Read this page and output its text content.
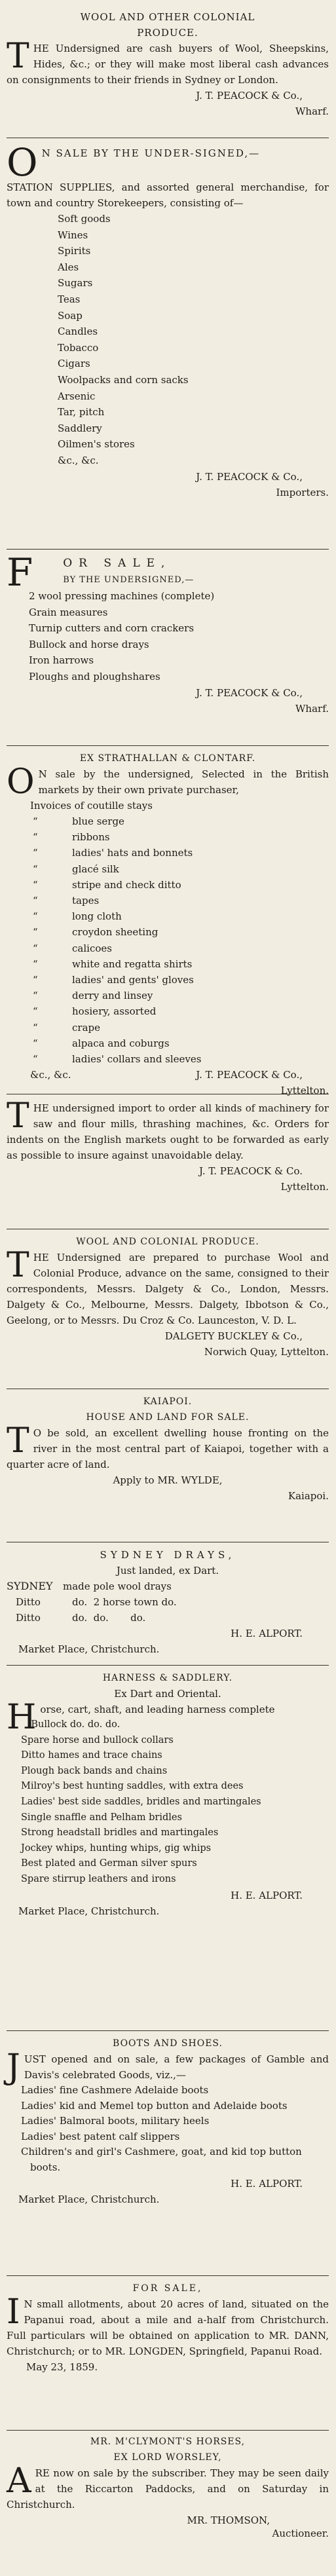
WOOL AND OTHER COLONIAL
PRODUCE.

THE Undersigned are cash buyers of Wool, Sheepskins, Hides, &c.; or they will make most liberal cash advances on consignments to their friends in Sydney or London.

J. T. PEACOCK & Co.,
Wharf.
O N SALE BY THE UNDER-SIGNED,—

STATION SUPPLIES, and assorted general merchandise, for town and country Storekeepers, consisting of—

Soft goods
Wines
Spirits
Ales
Sugars
Teas
Soap
Candles
Tobacco
Cigars
Woolpacks and corn sacks
Arsenic
Tar, pitch
Saddlery
Oilmen's stores
&c., &c.
J. T. PEACOCK & Co.,
Importers.
F	OR SALE,
BY THE UNDERSIGNED,—
2 wool pressing machines (complete)
Grain measures
Turnip cutters and corn crackers
Bullock and horse drays
Iron harrows
Ploughs and ploughshares
J. T. PEACOCK & Co.,
Wharf.
EX STRATHALLAN & CLONTARF.

O N sale by the undersigned, Selected in the British markets by their own private purchaser,

Invoices of coutille stays
“	blue serge
“	ribbons
“	ladies' hats and bonnets
“	glacé silk
“	stripe and check ditto
“	tapes
“	long cloth
“	croydon sheeting
“	calicoes
“	white and regatta shirts
“	ladies' and gents' gloves
“	derry and linsey
“	hosiery, assorted
“	crape
“	alpaca and coburgs
“	ladies' collars and sleeves
&c., &c.	J. T. PEACOCK & Co.,
Lyttelton.

THE undersigned import to order all kinds of machinery for saw and flour mills, thrashing machines, &c. Orders for indents on the English markets ought to be forwarded as early as possible to insure against unavoidable delay.

J. T. PEACOCK & Co.
Lyttelton.
WOOL AND COLONIAL PRODUCE.

THE Undersigned are prepared to purchase Wool and Colonial Produce, advance on the same, consigned to their correspondents, Messrs. Dalgety & Co., London, Messrs. Dalgety & Co., Melbourne, Messrs. Dalgety, Ibbotson & Co., Geelong, or to Messrs. Du Croz & Co. Launceston, V. D. L.

DALGETY BUCKLEY & Co.,
Norwich Quay, Lyttelton.
KAIAPOI.
HOUSE AND LAND FOR SALE.

T O be sold, an excellent dwelling house fronting on the river in the most central part of Kaiapoi, together with a quarter acre of land.

Apply to MR. WYLDE,
Kaiapoi.
SYDNEY DRAYS,
Just landed, ex Dart.
SYDNEY	made pole wool drays
Ditto	do.  2 horse town do.
Ditto	do.  do.       do.
H. E. ALPORT.
Market Place, Christchurch.
HARNESS & SADDLERY.
Ex Dart and Oriental.

Horse, cart, shaft, and leading harness complete

Bullock do. do. do.
Spare horse and bullock collars
Ditto hames and trace chains
Plough back bands and chains
Milroy's best hunting saddles, with extra dees
Ladies' best side saddles, bridles and martingales
Single snaffle and Pelham bridles
Strong headstall bridles and martingales
Jockey whips, hunting whips, gig whips
Best plated and German silver spurs
Spare stirrup leathers and irons
H. E. ALPORT.
Market Place, Christchurch.
BOOTS AND SHOES.

JUST opened and on sale, a few packages of Gamble and Davis's celebrated Goods, viz.,—

Ladies' fine Cashmere Adelaide boots
Ladies' kid and Memel top button and Adelaide boots
Ladies' Balmoral boots, military heels
Ladies' best patent calf slippers
Children's and girl's Cashmere, goat, and kid top button boots.
H. E. ALPORT.
Market Place, Christchurch.
FOR SALE,

I N small allotments, about 20 acres of land, situated on the Papanui road, about a mile and a-half from Christchurch. Full particulars will be obtained on application to MR. DANN, Christchurch; or to MR. LONGDEN, Springfield, Papanui Road.

May 23, 1859.
MR. M'CLYMONT'S HORSES,
EX LORD WORSLEY,

ARE now on sale by the subscriber. They may be seen daily at the Riccarton Paddocks, and on Saturday in Christchurch.

MR. THOMSON,
Auctioneer.
